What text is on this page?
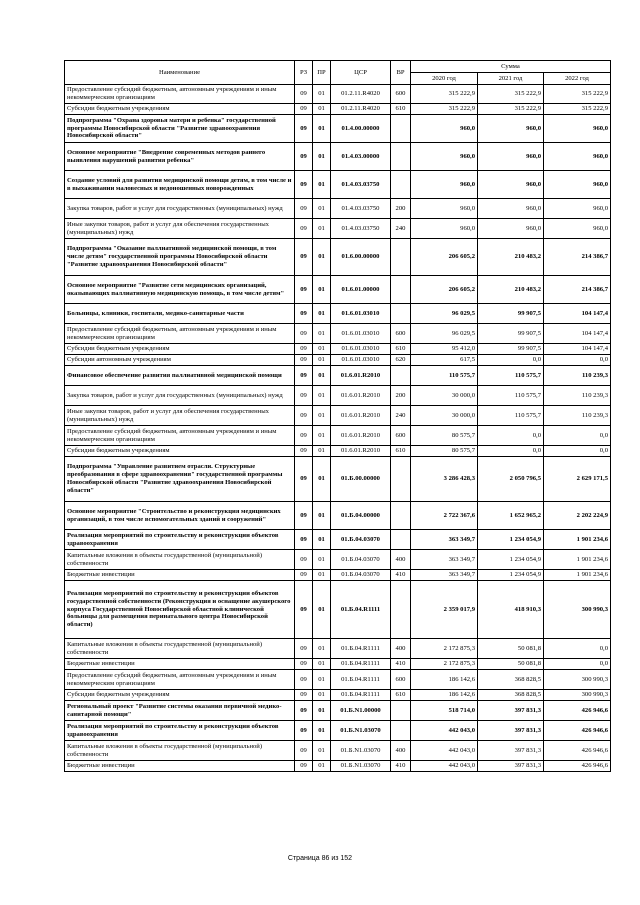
Наименование	РЗ	ПР	ЦСР	ВР	Сумма		
					2020 год	2021 год	2022 год
Предоставление субсидий бюджетным, автономным учреждениям и иным некоммерческим организациям	09	01	01.2.11.R4020	600	315 222,9	315 222,9	315 222,9
Субсидии бюджетным учреждениям	09	01	01.2.11.R4020	610	315 222,9	315 222,9	315 222,9
Подпрограмма "Охрана здоровья матери и ребенка" государственной программы Новосибирской области "Развитие здравоохранения Новосибирской области"	09	01	01.4.00.00000		960,0	960,0	960,0
Основное мероприятие "Внедрение современных методов раннего выявления нарушений развития ребенка"	09	01	01.4.03.00000		960,0	960,0	960,0
Создание условий для развития медицинской помощи детям, в том числе и в выхаживании маловесных и недоношенных новорожденных	09	01	01.4.03.03750		960,0	960,0	960,0
Закупка товаров, работ и услуг для государственных (муниципальных) нужд	09	01	01.4.03.03750	200	960,0	960,0	960,0
Иные закупки товаров, работ и услуг для обеспечения государственных (муниципальных) нужд	09	01	01.4.03.03750	240	960,0	960,0	960,0
Подпрограмма "Оказание паллиативной медицинской помощи, в том числе детям" государственной программы Новосибирской области "Развитие здравоохранения Новосибирской области"	09	01	01.6.00.00000		206 605,2	210 483,2	214 386,7
Основное мероприятие "Развитие сети медицинских организаций, оказывающих паллиативную медицинскую помощь, в том числе детям"	09	01	01.6.01.00000		206 605,2	210 483,2	214 386,7
Больницы, клиники, госпитали, медико-санитарные части	09	01	01.6.01.03010		96 029,5	99 907,5	104 147,4
Предоставление субсидий бюджетным, автономным учреждениям и иным некоммерческим организациям	09	01	01.6.01.03010	600	96 029,5	99 907,5	104 147,4
Субсидии бюджетным учреждениям	09	01	01.6.01.03010	610	95 412,0	99 907,5	104 147,4
Субсидии автономным учреждениям	09	01	01.6.01.03010	620	617,5	0,0	0,0
Финансовое обеспечение развития паллиативной медицинской помощи	09	01	01.6.01.R2010		110 575,7	110 575,7	110 239,3
Закупка товаров, работ и услуг для государственных (муниципальных) нужд	09	01	01.6.01.R2010	200	30 000,0	110 575,7	110 239,3
Иные закупки товаров, работ и услуг для обеспечения государственных (муниципальных) нужд	09	01	01.6.01.R2010	240	30 000,0	110 575,7	110 239,3
Предоставление субсидий бюджетным, автономным учреждениям и иным некоммерческим организациям	09	01	01.6.01.R2010	600	80 575,7	0,0	0,0
Субсидии бюджетным учреждениям	09	01	01.6.01.R2010	610	80 575,7	0,0	0,0
Подпрограмма "Управление развитием отрасли. Структурные преобразования в сфере здравоохранения" государственной программы Новосибирской области "Развитие здравоохранения Новосибирской области"	09	01	01.Б.00.00000		3 286 428,3	2 050 796,5	2 629 171,5
Основное мероприятие "Строительство и реконструкция медицинских организаций, в том числе вспомогательных зданий и сооружений"	09	01	01.Б.04.00000		2 722 367,6	1 652 965,2	2 202 224,9
Реализация мероприятий по строительству и реконструкции объектов здравоохранения	09	01	01.Б.04.03070		363 349,7	1 234 054,9	1 901 234,6
Капитальные вложения в объекты государственной (муниципальной) собственности	09	01	01.Б.04.03070	400	363 349,7	1 234 054,9	1 901 234,6
Бюджетные инвестиции	09	01	01.Б.04.03070	410	363 349,7	1 234 054,9	1 901 234,6
Реализация мероприятий по строительству и реконструкции объектов государственной собственности (Реконструкция и оснащение акушерского корпуса Государственной Новосибирской областной клинической больницы для размещения перинатального центра Новосибирской области)	09	01	01.Б.04.R1111		2 359 017,9	418 910,3	300 990,3
Капитальные вложения в объекты государственной (муниципальной) собственности	09	01	01.Б.04.R1111	400	2 172 875,3	50 081,8	0,0
Бюджетные инвестиции	09	01	01.Б.04.R1111	410	2 172 875,3	50 081,8	0,0
Предоставление субсидий бюджетным, автономным учреждениям и иным некоммерческим организациям	09	01	01.Б.04.R1111	600	186 142,6	368 828,5	300 990,3
Субсидии бюджетным учреждениям	09	01	01.Б.04.R1111	610	186 142,6	368 828,5	300 990,3
Региональный проект "Развитие системы оказания первичной медико-санитарной помощи"	09	01	01.Б.N1.00000		518 714,0	397 831,3	426 946,6
Реализация мероприятий по строительству и реконструкции объектов здравоохранения	09	01	01.Б.N1.03070		442 043,0	397 831,3	426 946,6
Капитальные вложения в объекты государственной (муниципальной) собственности	09	01	01.Б.N1.03070	400	442 043,0	397 831,3	426 946,6
Бюджетные инвестиции	09	01	01.Б.N1.03070	410	442 043,0	397 831,3	426 946,6
Страница 86 из 152
